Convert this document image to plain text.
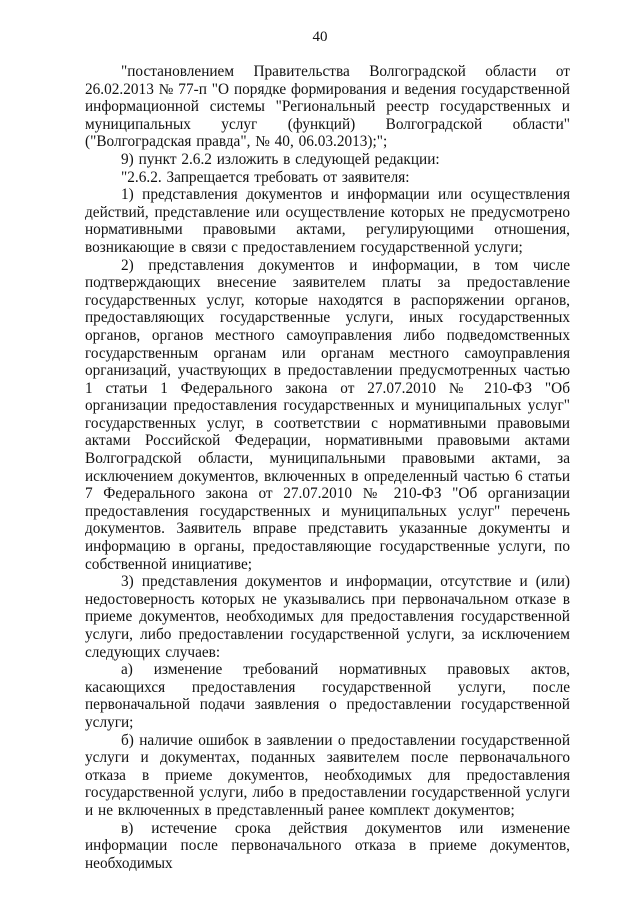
40

"постановлением Правительства Волгоградской области от 26.02.2013 № 77-п "О порядке формирования и ведения государственной информационной системы "Региональный реестр государственных и муниципальных услуг (функций) Волгоградской области" ("Волгоградская правда", № 40, 06.03.2013);";

9) пункт 2.6.2 изложить в следующей редакции:

"2.6.2. Запрещается требовать от заявителя:

1) представления документов и информации или осуществления действий, представление или осуществление которых не предусмотрено нормативными правовыми актами, регулирующими отношения, возникающие в связи с предоставлением государственной услуги;

2) представления документов и информации, в том числе подтверждающих внесение заявителем платы за предоставление государственных услуг, которые находятся в распоряжении органов, предоставляющих государственные услуги, иных государственных органов, органов местного самоуправления либо подведомственных государственным органам или органам местного самоуправления организаций, участвующих в предоставлении предусмотренных частью 1 статьи 1 Федерального закона от 27.07.2010 № 210-ФЗ "Об организации предоставления государственных и муниципальных услуг" государственных услуг, в соответствии с нормативными правовыми актами Российской Федерации, нормативными правовыми актами Волгоградской области, муниципальными правовыми актами, за исключением документов, включенных в определенный частью 6 статьи 7 Федерального закона от 27.07.2010 № 210-ФЗ "Об организации предоставления государственных и муниципальных услуг" перечень документов. Заявитель вправе представить указанные документы и информацию в органы, предоставляющие государственные услуги, по собственной инициативе;

3) представления документов и информации, отсутствие и (или) недостоверность которых не указывались при первоначальном отказе в приеме документов, необходимых для предоставления государственной услуги, либо предоставлении государственной услуги, за исключением следующих случаев:

а) изменение требований нормативных правовых актов, касающихся предоставления государственной услуги, после первоначальной подачи заявления о предоставлении государственной услуги;

б) наличие ошибок в заявлении о предоставлении государственной услуги и документах, поданных заявителем после первоначального отказа в приеме документов, необходимых для предоставления государственной услуги, либо в предоставлении государственной услуги и не включенных в представленный ранее комплект документов;

в) истечение срока действия документов или изменение информации после первоначального отказа в приеме документов, необходимых
